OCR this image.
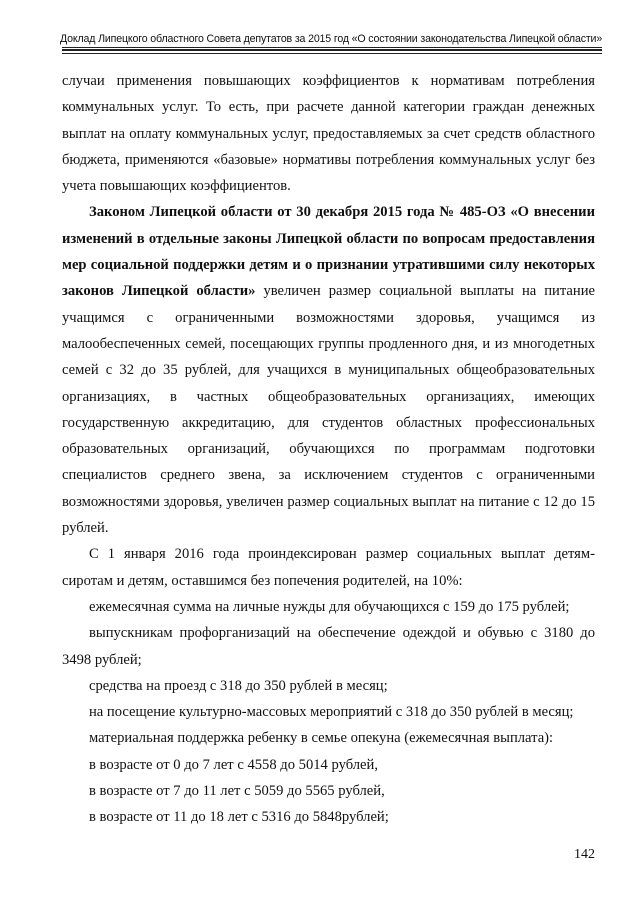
Доклад Липецкого областного Совета депутатов за 2015 год «О состоянии законодательства Липецкой области»

случаи применения повышающих коэффициентов к нормативам потребления коммунальных услуг. То есть, при расчете данной категории граждан денежных выплат на оплату коммунальных услуг, предоставляемых за счет средств областного бюджета, применяются «базовые» нормативы потребления коммунальных услуг без учета повышающих коэффициентов.

Законом Липецкой области от 30 декабря 2015 года № 485-ОЗ «О внесении изменений в отдельные законы Липецкой области по вопросам предоставления мер социальной поддержки детям и о признании утратившими силу некоторых законов Липецкой области» увеличен размер социальной выплаты на питание учащимся с ограниченными возможностями здоровья, учащимся из малообеспеченных семей, посещающих группы продленного дня, и из многодетных семей с 32 до 35 рублей, для учащихся в муниципальных общеобразовательных организациях, в частных общеобразовательных организациях, имеющих государственную аккредитацию, для студентов областных профессиональных образовательных организаций, обучающихся по программам подготовки специалистов среднего звена, за исключением студентов с ограниченными возможностями здоровья, увеличен размер социальных выплат на питание с 12 до 15 рублей.

С 1 января 2016 года проиндексирован размер социальных выплат детям-сиротам и детям, оставшимся без попечения родителей, на 10%:

ежемесячная сумма на личные нужды для обучающихся с 159 до 175 рублей;

выпускникам профорганизаций на обеспечение одеждой и обувью с 3180 до 3498 рублей;

средства на проезд с 318 до 350 рублей в месяц;

на посещение культурно-массовых мероприятий с 318 до 350 рублей в месяц;

материальная поддержка ребенку в семье опекуна (ежемесячная выплата):

в возрасте от 0 до 7 лет с 4558 до 5014 рублей,

в возрасте от 7 до 11 лет с 5059 до 5565 рублей,

в возрасте от 11 до 18 лет с 5316 до 5848рублей;

142
